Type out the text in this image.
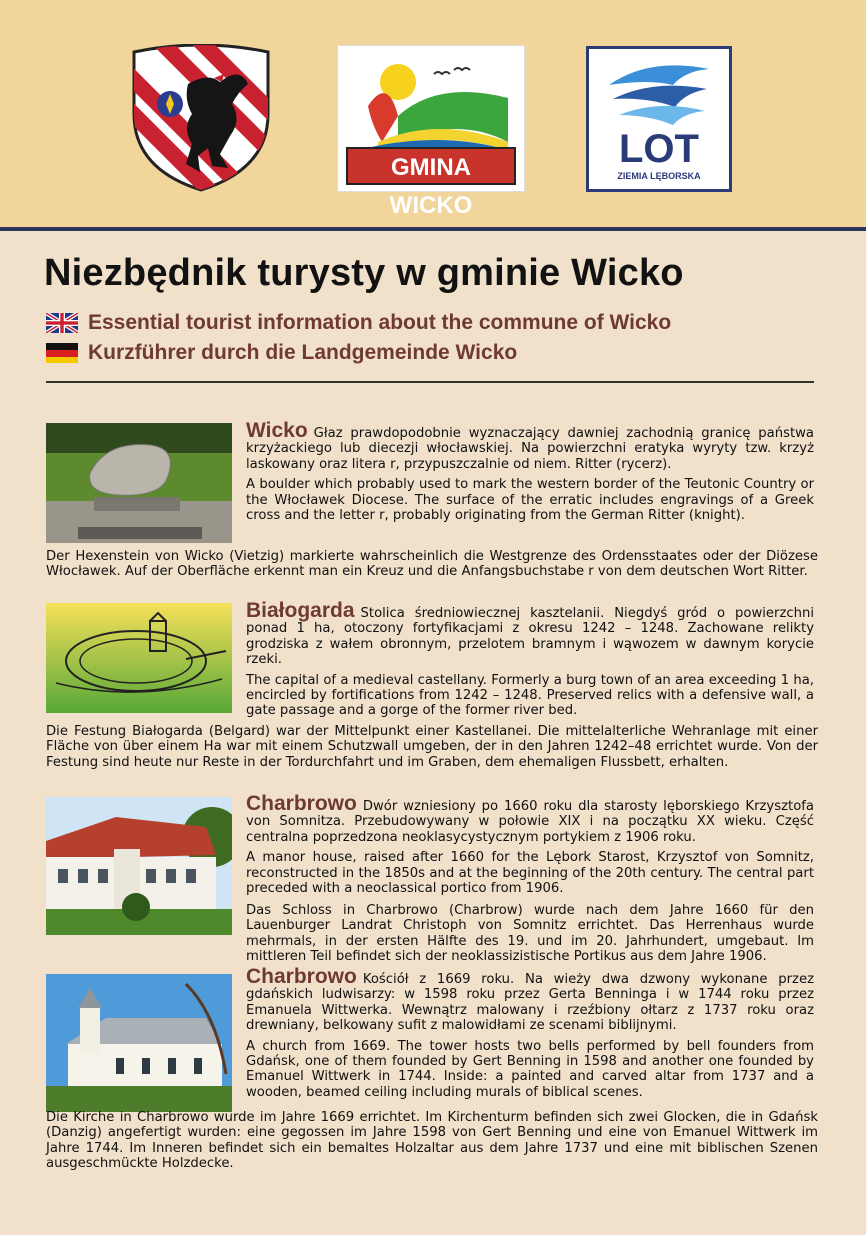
GMINA WICKO
LOT
ZIEMIA LĘBORSKA
Niezbędnik turysty w gminie Wicko
Essential tourist information about the commune of Wicko
Kurzführer durch die Landgemeinde Wicko

Wicko Głaz prawdopodobnie wyznaczający dawniej zachodnią granicę państwa krzyżackiego lub diecezji włocławskiej. Na powierzchni eratyka wyryty tzw. krzyż laskowany oraz litera r, przypuszczalnie od niem. Ritter (rycerz).

A boulder which probably used to mark the western border of the Teutonic Country or the Włocławek Diocese. The surface of the erratic includes engravings of a Greek cross and the letter r, probably originating from the German Ritter (knight).

Der Hexenstein von Wicko (Vietzig) markierte wahrscheinlich die Westgrenze des Ordensstaates oder der Diözese Włocławek. Auf der Oberfläche erkennt man ein Kreuz und die Anfangsbuchstabe r von dem deutschen Wort Ritter.

Białogarda Stolica średniowiecznej kasztelanii. Niegdyś gród o powierzchni ponad 1 ha, otoczony fortyfikacjami z okresu 1242 – 1248. Zachowane relikty grodziska z wałem obronnym, przelotem bramnym i wąwozem w dawnym korycie rzeki.

The capital of a medieval castellany. Formerly a burg town of an area exceeding 1 ha, encircled by fortifications from 1242 – 1248. Preserved relics with a defensive wall, a gate passage and a gorge of the former river bed.

Die Festung Białogarda (Belgard) war der Mittelpunkt einer Kastellanei. Die mittelalterliche Wehranlage mit einer Fläche von über einem Ha war mit einem Schutzwall umgeben, der in den Jahren 1242–48 errichtet wurde. Von der Festung sind heute nur Reste in der Tordurchfahrt und im Graben, dem ehemaligen Flussbett, erhalten.

Charbrowo Dwór wzniesiony po 1660 roku dla starosty lęborskiego Krzysztofa von Somnitza. Przebudowywany w połowie XIX i na początku XX wieku. Część centralna poprzedzona neoklasycystycznym portykiem z 1906 roku.

A manor house, raised after 1660 for the Lębork Starost, Krzysztof von Somnitz, reconstructed in the 1850s and at the beginning of the 20th century. The central part preceded with a neoclassical portico from 1906.

Das Schloss in Charbrowo (Charbrow) wurde nach dem Jahre 1660 für den Lauenburger Landrat Christoph von Somnitz errichtet. Das Herrenhaus wurde mehrmals, in der ersten Hälfte des 19. und im 20. Jahrhundert, umgebaut. Im mittleren Teil befindet sich der neoklassizistische Portikus aus dem Jahre 1906.

Charbrowo Kościół z 1669 roku. Na wieży dwa dzwony wykonane przez gdańskich ludwisarzy: w 1598 roku przez Gerta Benninga i w 1744 roku przez Emanuela Wittwerka. Wewnątrz malowany i rzeźbiony ołtarz z 1737 roku oraz drewniany, belkowany sufit z malowidłami ze scenami biblijnymi.

A church from 1669. The tower hosts two bells performed by bell founders from Gdańsk, one of them founded by Gert Benning in 1598 and another one founded by Emanuel Wittwerk in 1744. Inside: a painted and carved altar from 1737 and a wooden, beamed ceiling including murals of biblical scenes.

Die Kirche in Charbrowo wurde im Jahre 1669 errichtet. Im Kirchenturm befinden sich zwei Glocken, die in Gdańsk (Danzig) angefertigt wurden: eine gegossen im Jahre 1598 von Gert Benning und eine von Emanuel Wittwerk im Jahre 1744. Im Inneren befindet sich ein bemaltes Holzaltar aus dem Jahre 1737 und eine mit biblischen Szenen ausgeschmückte Holzdecke.
